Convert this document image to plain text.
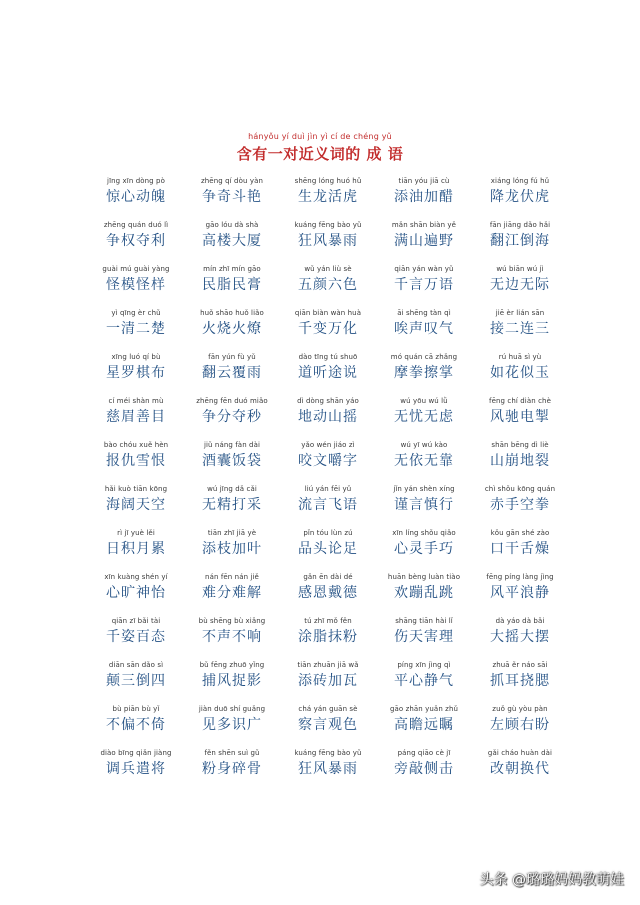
hányǒu yí duì jìn yì cí de chéng yǔ
含有一对近义词的 成 语
jīng xīn dòng pò
惊心动魄
zhēng qí dòu yàn
争奇斗艳
shēng lóng huó hǔ
生龙活虎
tiān yóu jiā cù
添油加醋
xiáng lóng fú hǔ
降龙伏虎
zhēng quán duó lì
争权夺利
gāo lóu dà shà
高楼大厦
kuáng fēng bào yǔ
狂风暴雨
mǎn shān biàn yě
满山遍野
fān jiāng dǎo hǎi
翻江倒海
guài mú guài yàng
怪模怪样
mín zhī mín gāo
民脂民膏
wǔ yán liù sè
五颜六色
qiān yán wàn yǔ
千言万语
wú biān wú jì
无边无际
yì qīng èr chǔ
一清二楚
huǒ shāo huǒ liǎo
火烧火燎
qiān biàn wàn huà
千变万化
āi shēng tàn qì
唉声叹气
jiē èr lián sān
接二连三
xīng luó qí bù
星罗棋布
fān yún fù yǔ
翻云覆雨
dào tīng tú shuō
道听途说
mó quán cā zhǎng
摩拳擦掌
rú huā sì yù
如花似玉
cí méi shàn mù
慈眉善目
zhēng fēn duó miǎo
争分夺秒
dì dòng shān yáo
地动山摇
wú yōu wú lǜ
无忧无虑
fēng chí diàn chè
风驰电掣
bào chóu xuě hèn
报仇雪恨
jiǔ náng fàn dài
酒囊饭袋
yǎo wén jiáo zì
咬文嚼字
wú yī wú kào
无依无靠
shān bēng dì liè
山崩地裂
hǎi kuò tiān kōng
海阔天空
wú jīng dǎ cǎi
无精打采
liú yán fēi yǔ
流言飞语
jǐn yán shèn xíng
谨言慎行
chì shǒu kōng quán
赤手空拳
rì jī yuè lěi
日积月累
tiān zhī jiā yè
添枝加叶
pǐn tóu lùn zú
品头论足
xīn líng shǒu qiǎo
心灵手巧
kǒu gān shé zào
口干舌燥
xīn kuàng shén yí
心旷神怡
nán fēn nán jiě
难分难解
gǎn ēn dài dé
感恩戴德
huān bèng luàn tiào
欢蹦乱跳
fēng píng làng jìng
风平浪静
qiān zī bǎi tài
千姿百态
bù shēng bù xiǎng
不声不响
tú zhī mǒ fěn
涂脂抹粉
shāng tiān hài lǐ
伤天害理
dà yáo dà bǎi
大摇大摆
diān sān dǎo sì
颠三倒四
bǔ fēng zhuō yǐng
捕风捉影
tiān zhuān jiā wǎ
添砖加瓦
píng xīn jìng qì
平心静气
zhuā ěr náo sāi
抓耳挠腮
bù piān bù yǐ
不偏不倚
jiàn duō shí guǎng
见多识广
chá yán guān sè
察言观色
gāo zhān yuǎn zhǔ
高瞻远瞩
zuǒ gù yòu pàn
左顾右盼
diào bīng qiǎn jiàng
调兵遣将
fěn shēn suì gǔ
粉身碎骨
kuáng fēng bào yǔ
狂风暴雨
páng qiāo cè jī
旁敲侧击
gǎi cháo huàn dài
改朝换代
头条 @璐璐妈妈教萌娃
